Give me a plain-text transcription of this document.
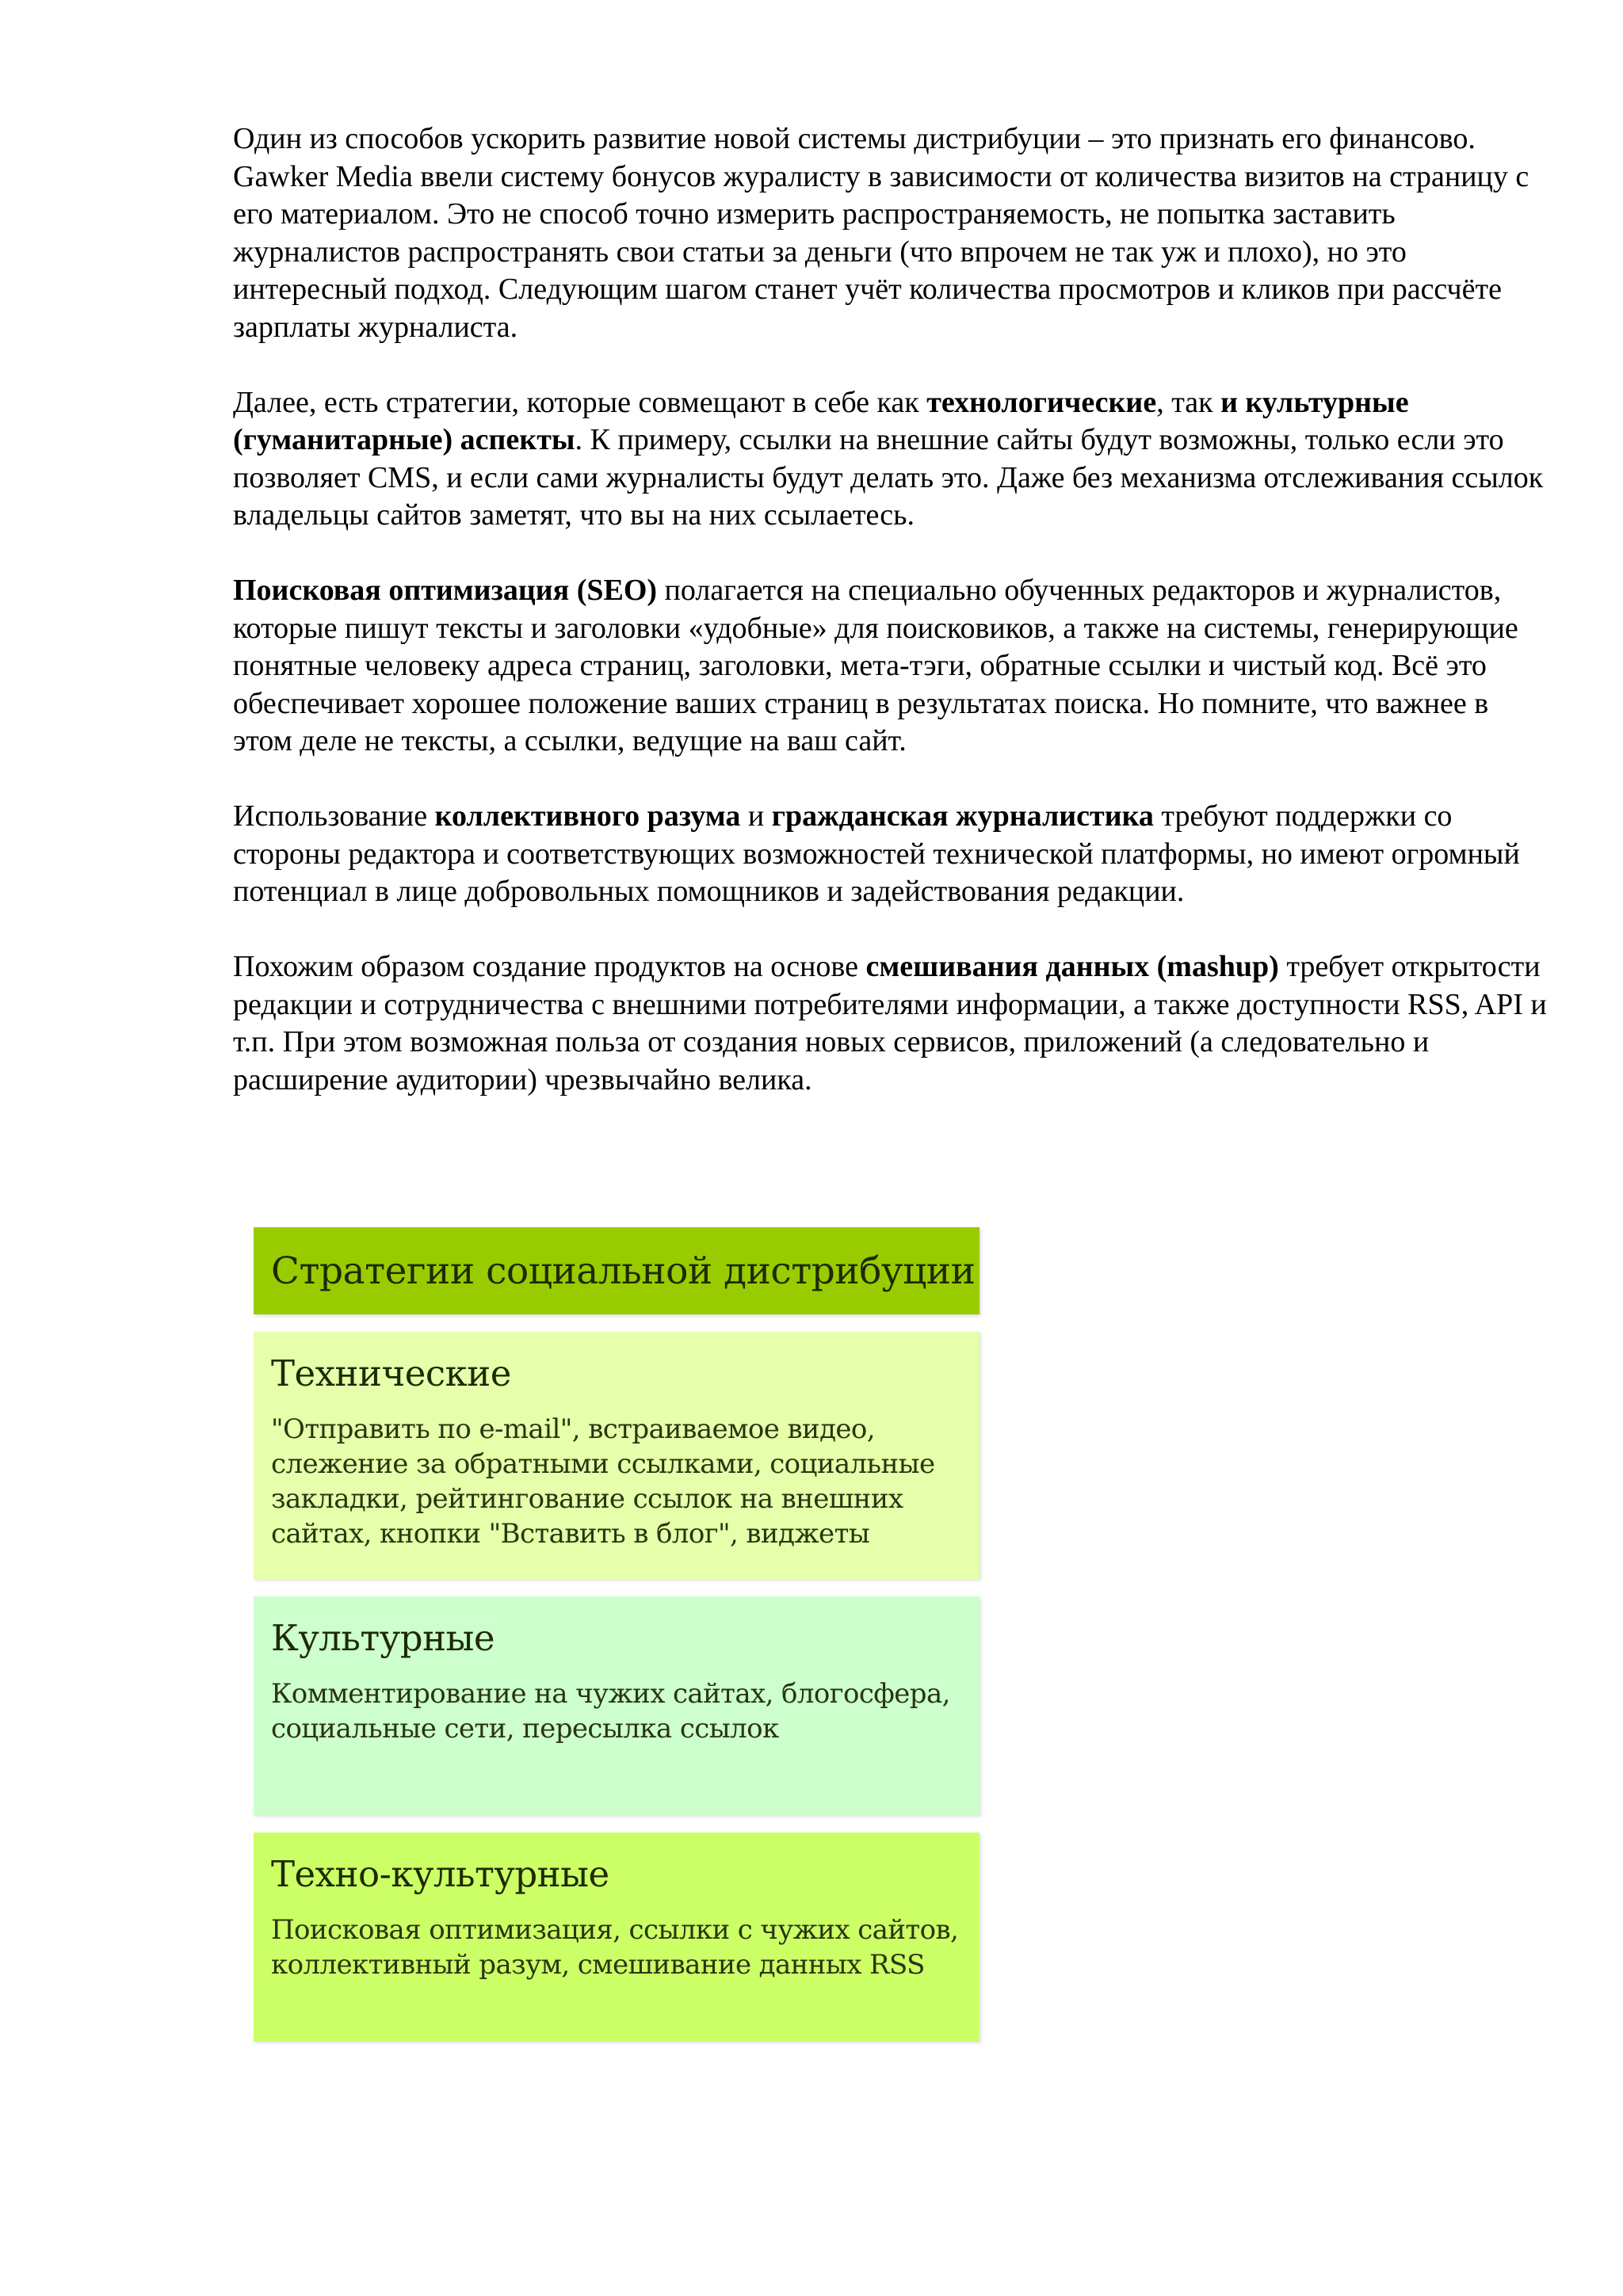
Один из способов ускорить развитие новой системы дистрибуции – это признать его финансово. Gawker Media ввели систему бонусов журалисту в зависимости от количества визитов на страницу с его материалом. Это не способ точно измерить распространяемость, не попытка заставить журналистов распространять свои статьи за деньги (что впрочем не так уж и плохо), но это интересный подход. Следующим шагом станет учёт количества просмотров и кликов при рассчёте зарплаты журналиста.

Далее, есть стратегии, которые совмещают в себе как технологические, так и культурные (гуманитарные) аспекты. К примеру, ссылки на внешние сайты будут возможны, только если это позволяет CMS, и если сами журналисты будут делать это. Даже без механизма отслеживания ссылок владельцы сайтов заметят, что вы на них ссылаетесь.

Поисковая оптимизация (SEO) полагается на специально обученных редакторов и журналистов, которые пишут тексты и заголовки «удобные» для поисковиков, а также на системы, генерирующие понятные человеку адреса страниц, заголовки, мета-тэги, обратные ссылки и чистый код. Всё это обеспечивает хорошее положение ваших страниц в результатах поиска. Но помните, что важнее в этом деле не тексты, а ссылки, ведущие на ваш сайт.

Использование коллективного разума и гражданская журналистика требуют поддержки со стороны редактора и соответствующих возможностей технической платформы, но имеют огромный потенциал в лице добровольных помощников и задействования редакции.

Похожим образом создание продуктов на основе смешивания данных (mashup) требует открытости редакции и сотрудничества с внешними потребителями информации, а также доступности RSS, API и т.п. При этом возможная польза от создания новых сервисов, приложений (а следовательно и расширение аудитории) чрезвычайно велика.

Стратегии социальной дистрибуции
Технические
"Отправить по e-mail", встраиваемое видео, слежение за обратными ссылками, социальные закладки, рейтингование ссылок на внешних сайтах, кнопки "Вставить в блог", виджеты
Культурные
Комментирование на чужих сайтах, блогосфера, социальные сети, пересылка ссылок
Техно-культурные
Поисковая оптимизация, ссылки с чужих сайтов, коллективный разум, смешивание данных RSS
